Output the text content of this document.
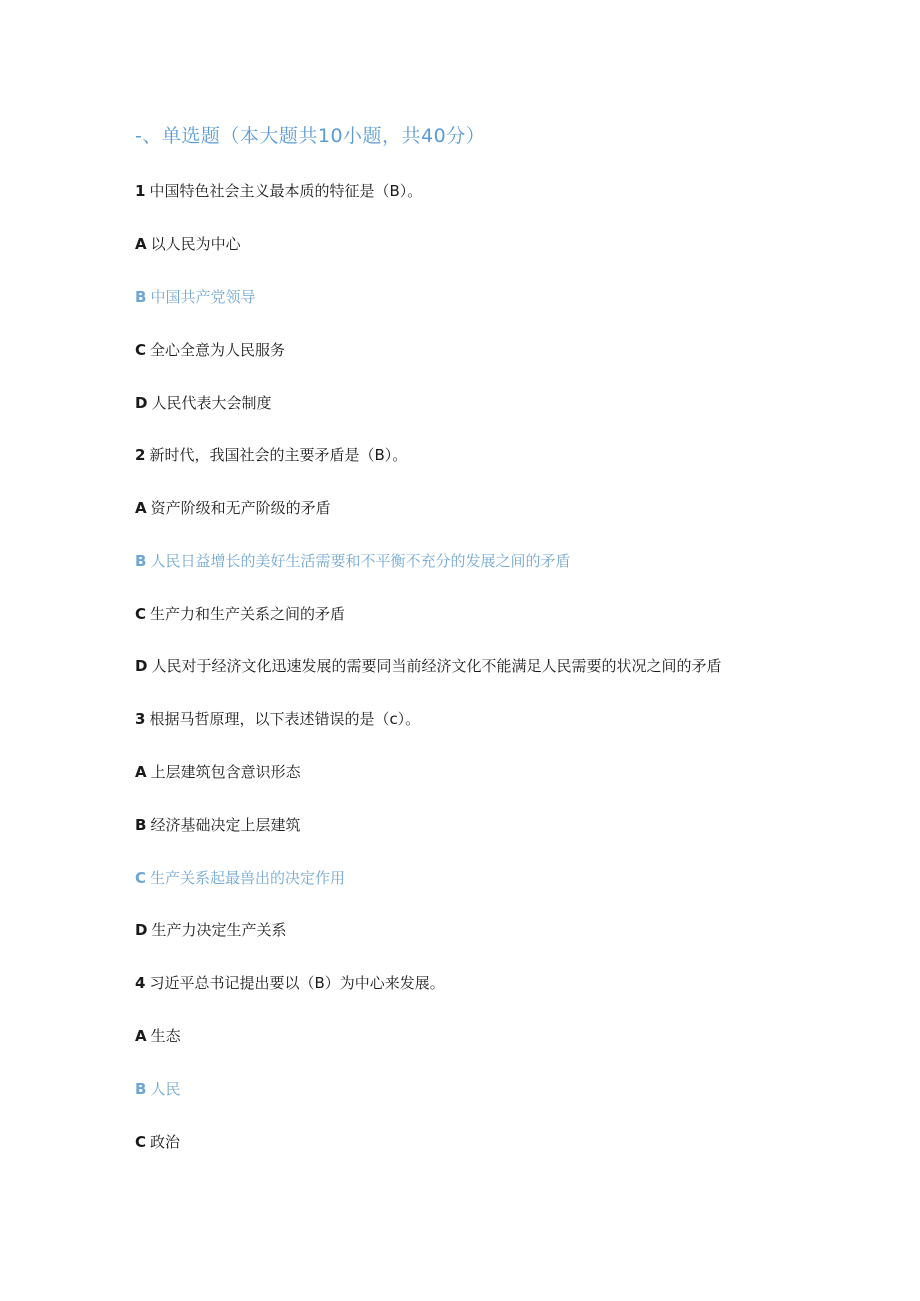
-、单选题（本大题共10小题，共40分）
1 中国特色社会主义最本质的特征是（B）。
A 以人民为中心
B 中国共产党领导
C 全心全意为人民服务
D 人民代表大会制度
2 新时代，我国社会的主要矛盾是（B）。
A 资产阶级和无产阶级的矛盾
B 人民日益增长的美好生活需要和不平衡不充分的发展之间的矛盾
C 生产力和生产关系之间的矛盾
D 人民对于经济文化迅速发展的需要同当前经济文化不能满足人民需要的状况之间的矛盾
3 根据马哲原理，以下表述错误的是（c）。
A 上层建筑包含意识形态
B 经济基础决定上层建筑
C 生产关系起最兽出的决定作用
D 生产力决定生产关系
4 习近平总书记提出要以（B）为中心来发展。
A 生态
B 人民
C 政治
